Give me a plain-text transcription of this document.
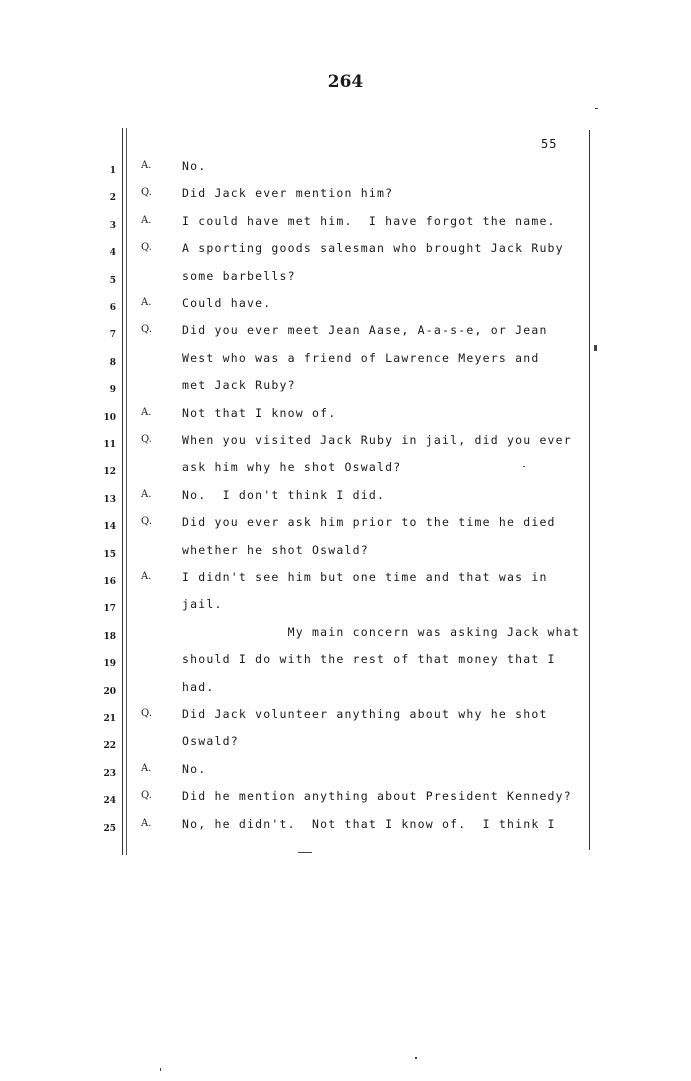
264
55
1	A.	No.
2	Q.	Did Jack ever mention him?
3	A.	I could have met him.  I have forgot the name.
4	Q.	A sporting goods salesman who brought Jack Ruby
5	some barbells?
6	A.	Could have.
7	Q.	Did you ever meet Jean Aase, A-a-s-e, or Jean
8	West who was a friend of Lawrence Meyers and
9	met Jack Ruby?
10	A.	Not that I know of.
11	Q.	When you visited Jack Ruby in jail, did you ever
12	ask him why he shot Oswald?
13	A.	No.  I don't think I did.
14	Q.	Did you ever ask him prior to the time he died
15	whether he shot Oswald?
16	A.	I didn't see him but one time and that was in
17	jail.
18	My main concern was asking Jack what
19	should I do with the rest of that money that I
20	had.
21	Q.	Did Jack volunteer anything about why he shot
22	Oswald?
23	A.	No.
24	Q.	Did he mention anything about President Kennedy?
25	A.	No, he didn't.  Not that I know of.  I think I
